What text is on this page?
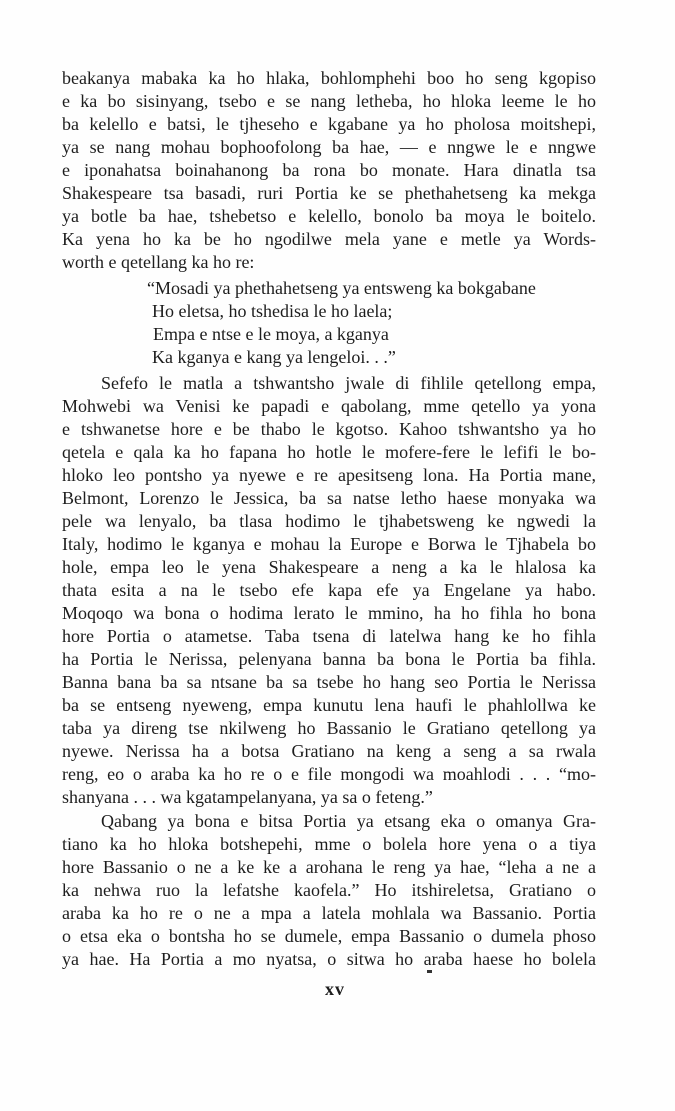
beakanya mabaka ka ho hlaka, bohlomphehi boo ho seng kgopiso
e ka bo sisinyang, tsebo e se nang letheba, ho hloka leeme le ho
ba kelello e batsi, le tjheseho e kgabane ya ho pholosa moitshepi,
ya se nang mohau bophoofolong ba hae, — e nngwe le e nngwe
e iponahatsa boinahanong ba rona bo monate. Hara dinatla tsa
Shakespeare tsa basadi, ruri Portia ke se phethahetseng ka mekga
ya botle ba hae, tshebetso e kelello, bonolo ba moya le boitelo.
Ka yena ho ka be ho ngodilwe mela yane e metle ya Words-
worth e qetellang ka ho re:
“Mosadi ya phethahetseng ya entsweng ka bokgabane
Ho eletsa, ho tshedisa le ho laela;
Empa e ntse e le moya, a kganya
Ka kganya e kang ya lengeloi. . .”
Sefefo le matla a tshwantsho jwale di fihlile qetellong empa,
Mohwebi wa Venisi ke papadi e qabolang, mme qetello ya yona
e tshwanetse hore e be thabo le kgotso. Kahoo tshwantsho ya ho
qetela e qala ka ho fapana ho hotle le mofere-fere le lefifi le bo-
hloko leo pontsho ya nyewe e re apesitseng lona. Ha Portia mane,
Belmont, Lorenzo le Jessica, ba sa natse letho haese monyaka wa
pele wa lenyalo, ba tlasa hodimo le tjhabetsweng ke ngwedi la
Italy, hodimo le kganya e mohau la Europe e Borwa le Tjhabela bo
hole, empa leo le yena Shakespeare a neng a ka le hlalosa ka
thata esita a na le tsebo efe kapa efe ya Engelane ya habo.
Moqoqo wa bona o hodima lerato le mmino, ha ho fihla ho bona
hore Portia o atametse. Taba tsena di latelwa hang ke ho fihla
ha Portia le Nerissa, pelenyana banna ba bona le Portia ba fihla.
Banna bana ba sa ntsane ba sa tsebe ho hang seo Portia le Nerissa
ba se entseng nyeweng, empa kunutu lena haufi le phahlollwa ke
taba ya direng tse nkilweng ho Bassanio le Gratiano qetellong ya
nyewe. Nerissa ha a botsa Gratiano na keng a seng a sa rwala
reng, eo o araba ka ho re o e file mongodi wa moahlodi . . . “mo-
shanyana . . . wa kgatampelanyana, ya sa o feteng.”
Qabang ya bona e bitsa Portia ya etsang eka o omanya Gra-
tiano ka ho hloka botshepehi, mme o bolela hore yena o a tiya
hore Bassanio o ne a ke ke a arohana le reng ya hae, “leha a ne a
ka nehwa ruo la lefatshe kaofela.” Ho itshireletsa, Gratiano o
araba ka ho re o ne a mpa a latela mohlala wa Bassanio. Portia
o etsa eka o bontsha ho se dumele, empa Bassanio o dumela phoso
ya hae. Ha Portia a mo nyatsa, o sitwa ho araba haese ho bolela
xv
